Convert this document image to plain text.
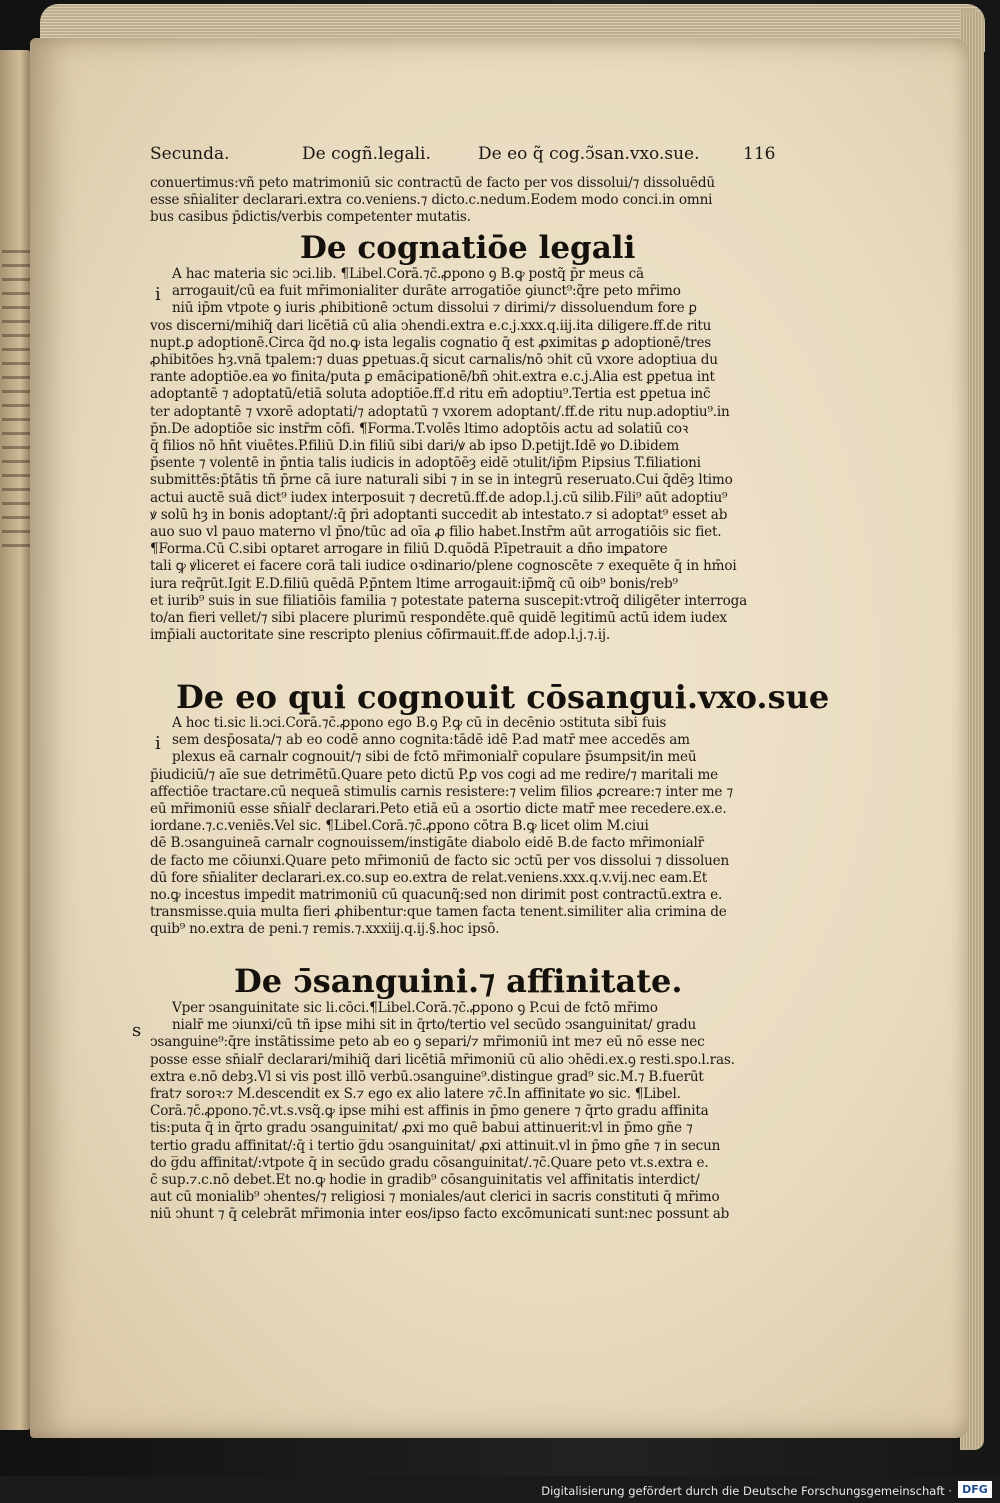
Secunda.	De cogñ.legali.	De eo q̃ cog.ↄ̃san.vxo.sue.	116

conuertimus:vñ peto matrimoniū sic contractū de facto per vos dissolui/⁊ dissoluēdū

esse sn̄ialiter declarari.extra co.veniens.⁊ dicto.c.nedum.Eodem modo conci.in omni

bus casibus p̄dictis/verbis competenter mutatis.

De cognatiōe legali
i

A hac materia sic ↄci.lib. ¶Libel.Corā.⁊c̄.ꝓpono ꝯ B.ꝙ postq̃ p̄r meus cā

arrogauit/cū ea fuit mr̄imonialiter durāte arrogatiōe ꝯiunct⁹:q̃re peto mr̄imo

niū ip̄m vtpote ꝯ iuris ꝓhibitionē ↄctum dissolui ⁊ dirimi/⁊ dissoluendum fore ꝑ

vos discerni/mihiq̃ dari licētiā cū alia ↄhendi.extra e.c.j.xxx.q.iij.ita diligere.ff.de ritu

nupt.ꝑ adoptionē.Circa q̃d no.ꝙ ista legalis cognatio q̄ est ꝓximitas ꝑ adoptionē/tres

ꝓhibitōes hȝ.vnā tpalem:⁊ duas ꝑpetuas.q̄ sicut carnalis/nō ↄhit cū vxore adoptiua du

rante adoptiōe.ea ꝟo finita/puta ꝑ emācipationē/bñ ↄhit.extra e.c.j.Alia est ꝑpetua int̄

adoptantē ⁊ adoptatū/etiā soluta adoptiōe.ff.d̄ ritu em̄ adoptiu⁹.Tertia est ꝑpetua inc̄

ter adoptantē ⁊ vxorē adoptati/⁊ adoptatū ⁊ vxorem adoptant/.ff.de ritu nup.adoptiu⁹.in

p̄n.De adoptiōe sic instr̄m cōfi. ¶Forma.T.volēs ltimo adoptōis actu ad solatiū coꝛ

q̄ filios nō hn̄t viuētes.P.filiū D.in filiū sibi dari/ꝟ ab ipso D.petijt.Idē ꝟo D.ibidem

p̄sente ⁊ volentē in p̄ntia talis iudicis in adoptōēȝ eidē ↄtulit/ip̄m P.ipsius T.filiationi

submittēs:p̄tātis tñ p̄rne cā iure naturali sibi ⁊ in se in integrū reseruato.Cui q̄dēȝ ltimo

actui auctē suā dict⁹ iudex interposuit ⁊ decretū.ff.de adop.l.j.cū silib.Fili⁹ aūt adoptiu⁹

ꝟ solū hȝ in bonis adoptant/:q̄ p̄ri adoptanti succedit ab intestato.⁊ si adoptat⁹ esset ab

auo suo vl̄ pauo materno vl̄ p̄no/tūc ad oīa ꝓ filio habet.Instr̄m aūt arrogatiōis sic fiet.

¶Forma.Cū C.sibi optaret arrogare in filiū D.quōdā P.īpetrauit a dn̄o imꝑatore

tali ꝙ ꝟliceret ei facere corā tali iudice oꝛdinario/plene cognoscēte ⁊ exequēte q̄ in hm̄oi

iura req̄rūt.Igit̄ E.D.filiū quēdā P.p̄ntem ltime arrogauit:ip̄mq̃ cū oib⁹ bonis/reb⁹

et iurib⁹ suis in sue filiatiōis familia ⁊ potestate paterna suscepit:vtroq̃ diligēter interroga

to/an fieri vellet/⁊ sibi placere plurimū respondēte.quē quidē legitimū actū idem iudex

imp̄iali auctoritate sine rescripto plenius cōfirmauit.ff.de adop.l.j.⁊.ij.

De eo qui cognouit cōsangui.vxo.sue
i

A hoc ti.sic li.ↄci.Corā.⁊c̄.ꝓpono ego B.ꝯ P.ꝙ cū in decēnio ↄstituta sibi fuis

sem desp̄osata/⁊ ab eo codē anno cognita:tādē idē P.ad matr̄ mee accedēs am

plexus eā carnal̄r cognouit/⁊ sibi de fctō mr̄imonialr̄ copulare p̄sumpsit/in meū

p̄iudiciū/⁊ aīe sue detrimētū.Quare peto dictū P.ꝑ vos cogi ad me redire/⁊ maritali me

affectiōe tractare.cū nequeā stimulis carnis resistere:⁊ velim filios ꝓcreare:⁊ inter me ⁊

eū mr̄imoniū esse sn̄ialr̄ declarari.Peto etiā eū a ↄsortio dicte matr̄ mee recedere.ex.e.

iordane.⁊.c.veniēs.Vel sic. ¶Libel.Corā.⁊c̄.ꝓpono cōtra B.ꝙ licet olim M.ciui

dē B.ↄsanguineā carnal̄r cognouissem/instigāte diabolo eidē B.de facto mr̄imonialr̄

de facto me cōiunxi.Quare peto mr̄imoniū de facto sic ↄctū per vos dissolui ⁊ dissoluen

dū fore sn̄ialiter declarari.ex.co.sup eo.extra de relat.veniens.xxx.q.v.vij.nec eam.Et

no.ꝙ incestus impedit matrimoniū cū quacunq̃:sed non dirimit post contractū.extra e.

transmisse.quia multa fieri ꝓhibentur:que tamen facta tenent.similiter alia crimina de

quib⁹ no.extra de peni.⁊ remis.⁊.xxxiij.q.ij.§.hoc ipsō.

De ↄ̄sanguini.⁊ affinitate.
s

Vper ↄsanguinitate sic li.cōci.¶Libel.Corā.⁊c̄.ꝓpono ꝯ P.cui de fctō mr̄imo

nialr̄ me ↄiunxi/cū tñ ipse mihi sit in q̄rto/tertio vel secūdo ↄsanguinitat/ gradu

ↄsanguine⁹:q̄re instātissime peto ab eo ꝯ separi/⁊ mr̄imoniū int̄ me⁊ eū nō esse nec

posse esse sn̄ialr̄ declarari/mihiq̃ dari licētiā mr̄imoniū cū alio ↄhēdi.ex.ꝯ resti.spo.l.ras.

extra e.nō debȝ.Vl̄ si vis post illō verbū.ↄsanguine⁹.distingue grad⁹ sic.M.⁊ B.fuerūt

frat̄⁊ soroꝛ:⁊ M.descendit ex S.⁊ ego ex alio latere ⁊c̄.In affinitate ꝟo sic. ¶Libel.

Corā.⁊c̄.ꝓpono.⁊c̄.vt.s.vsq̃.ꝙ ipse mihi est affinis in p̄mo genere ⁊ q̄rto gradu affinita

tis:puta q̄ in q̄rto gradu ↄsanguinitat/ ꝓxi mo quē babui attinuerit:vl̄ in p̄mo gn̄e ⁊

tertio gradu affinitat/:q̄ i tertio g̅du ↄsanguinitat/ ꝓxi attinuit.vl̄ in p̄mo gn̄e ⁊ in secun

do g̅du affinitat/:vtpote q̄ in secūdo gradu cōsanguinitat/.⁊c̄.Quare peto vt.s.extra e.

c̄ sup.⁊.c.nō debet.Et no.ꝙ hodie in gradib⁹ cōsanguinitatis vel affinitatis interdict/

aut cū monialib⁹ ↄhentes/⁊ religiosi ⁊ moniales/aut clerici in sacris constituti q̄ mr̄imo

niū ↄhunt ⁊ q̄ celebrāt mr̄imonia inter eos/ipso facto excōmunicati sunt:nec possunt ab

Digitalisierung gefördert durch die Deutsche Forschungsgemeinschaft · DFG
